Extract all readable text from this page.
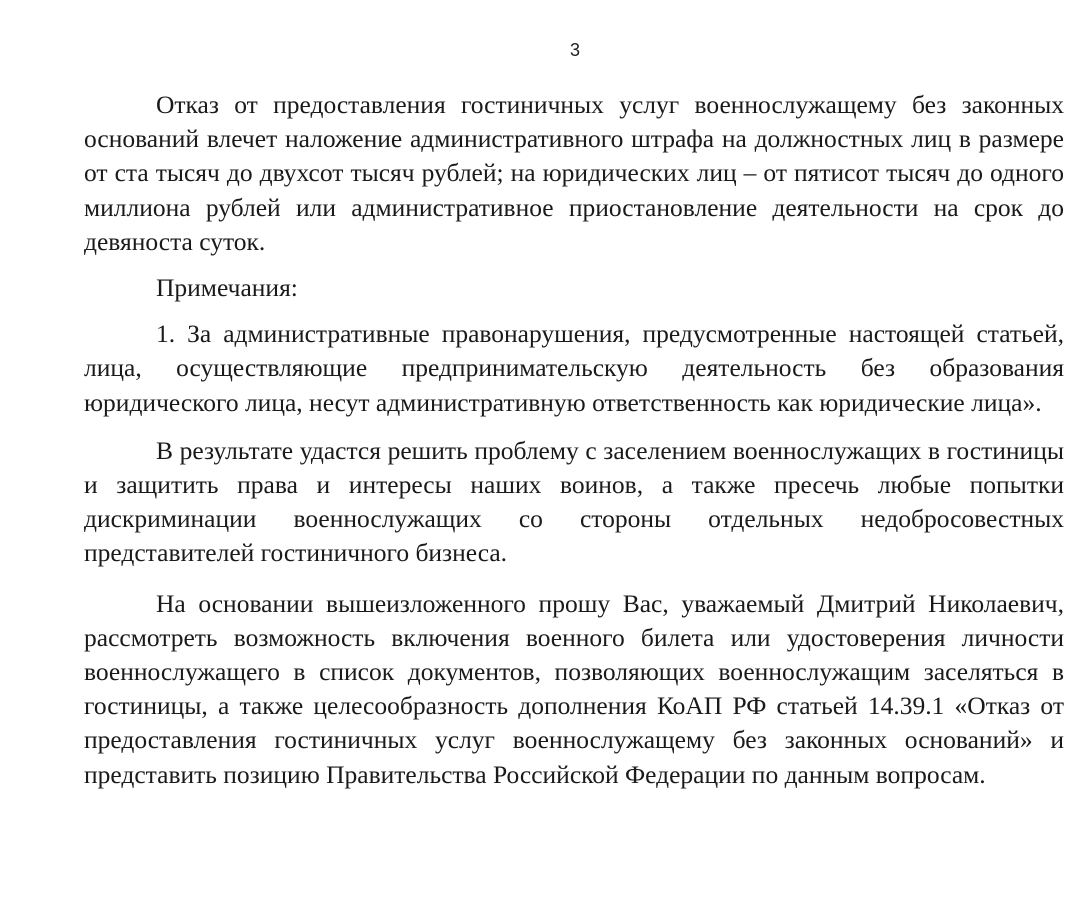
3

Отказ от предоставления гостиничных услуг военнослужащему без законных оснований влечет наложение административного штрафа на должностных лиц в размере от ста тысяч до двухсот тысяч рублей; на юридических лиц – от пятисот тысяч до одного миллиона рублей или административное приостановление деятельности на срок до девяноста суток.

Примечания:

1. За административные правонарушения, предусмотренные настоящей статьей, лица, осуществляющие предпринимательскую деятельность без образования юридического лица, несут административную ответственность как юридические лица».

В результате удастся решить проблему с заселением военнослужащих в гостиницы и защитить права и интересы наших воинов, а также пресечь любые попытки дискриминации военнослужащих со стороны отдельных недобросовестных представителей гостиничного бизнеса.

На основании вышеизложенного прошу Вас, уважаемый Дмитрий Николаевич, рассмотреть возможность включения военного билета или удостоверения личности военнослужащего в список документов, позволяющих военнослужащим заселяться в гостиницы, а также целесообразность дополнения КоАП РФ статьей 14.39.1 «Отказ от предоставления гостиничных услуг военнослужащему без законных оснований» и представить позицию Правительства Российской Федерации по данным вопросам.
